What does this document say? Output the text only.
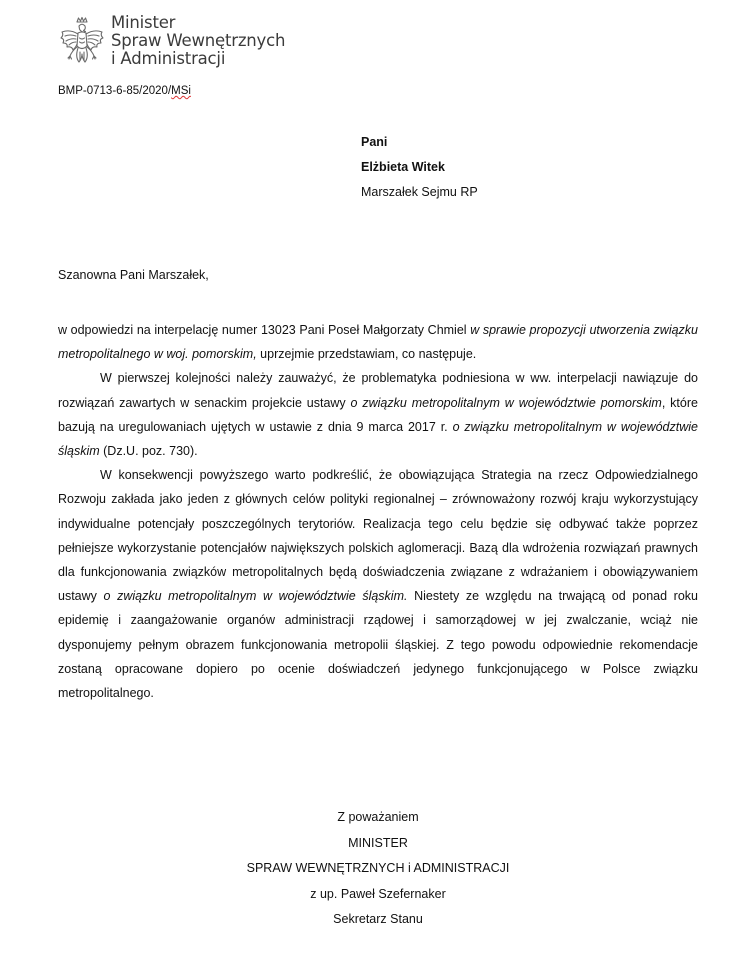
Minister
Spraw Wewnętrznych
i Administracji
BMP-0713-6-85/2020/MSi
Pani
Elżbieta Witek
Marszałek Sejmu RP
Szanowna Pani Marszałek,

w odpowiedzi na interpelację numer 13023 Pani Poseł Małgorzaty Chmiel w sprawie propozycji utworzenia związku metropolitalnego w woj. pomorskim, uprzejmie przedstawiam, co następuje.

W pierwszej kolejności należy zauważyć, że problematyka podniesiona w ww. interpelacji nawiązuje do rozwiązań zawartych w senackim projekcie ustawy o związku metropolitalnym w województwie pomorskim, które bazują na uregulowaniach ujętych w ustawie z dnia 9 marca 2017 r. o związku metropolitalnym w województwie śląskim (Dz.U. poz. 730).

W konsekwencji powyższego warto podkreślić, że obowiązująca Strategia na rzecz Odpowiedzialnego Rozwoju zakłada jako jeden z głównych celów polityki regionalnej – zrównoważony rozwój kraju wykorzystujący indywidualne potencjały poszczególnych terytoriów. Realizacja tego celu będzie się odbywać także poprzez pełniejsze wykorzystanie potencjałów największych polskich aglomeracji. Bazą dla wdrożenia rozwiązań prawnych dla funkcjonowania związków metropolitalnych będą doświadczenia związane z wdrażaniem i obowiązywaniem ustawy o związku metropolitalnym w województwie śląskim. Niestety ze względu na trwającą od ponad roku epidemię i zaangażowanie organów administracji rządowej i samorządowej w jej zwalczanie, wciąż nie dysponujemy pełnym obrazem funkcjonowania metropolii śląskiej. Z tego powodu odpowiednie rekomendacje zostaną opracowane dopiero po ocenie doświadczeń jedynego funkcjonującego w Polsce związku metropolitalnego.

Z poważaniem
MINISTER
SPRAW WEWNĘTRZNYCH i ADMINISTRACJI
z up. Paweł Szefernaker
Sekretarz Stanu
